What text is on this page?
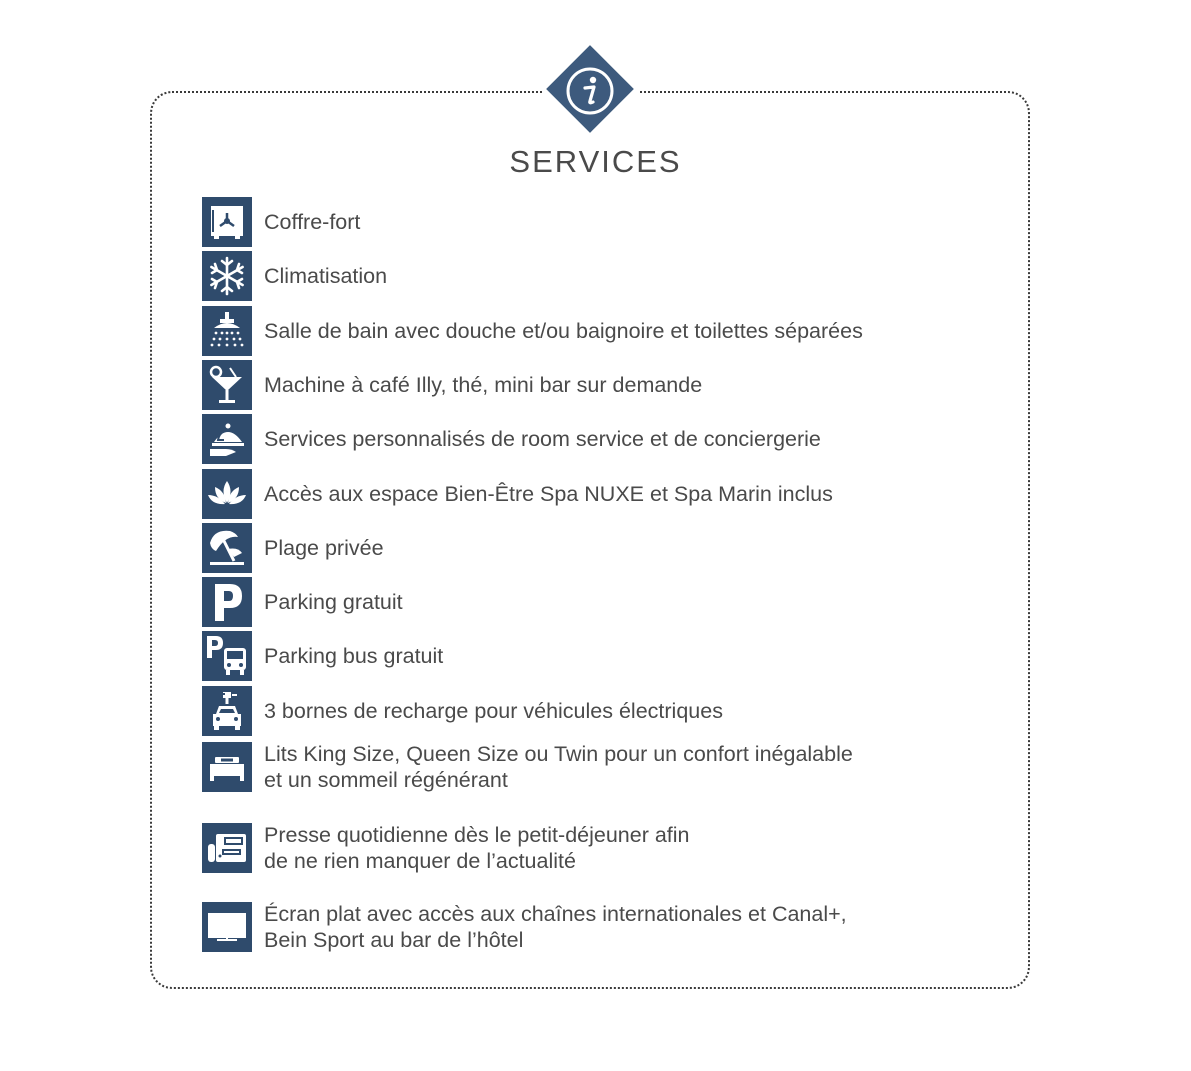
SERVICES
Coffre-fort
Climatisation
Salle de bain avec douche et/ou baignoire et toilettes séparées
Machine à café Illy, thé, mini bar sur demande
Services personnalisés de room service et de conciergerie
Accès aux espace Bien-Être Spa NUXE et Spa Marin inclus
Plage privée
Parking gratuit
Parking bus gratuit
3 bornes de recharge pour véhicules électriques
Lits King Size, Queen Size ou Twin pour un confort inégalable
et un sommeil régénérant
Presse quotidienne dès le petit-déjeuner afin
de ne rien manquer de l’actualité
Écran plat avec accès aux chaînes internationales et Canal+,
Bein Sport au bar de l’hôtel
